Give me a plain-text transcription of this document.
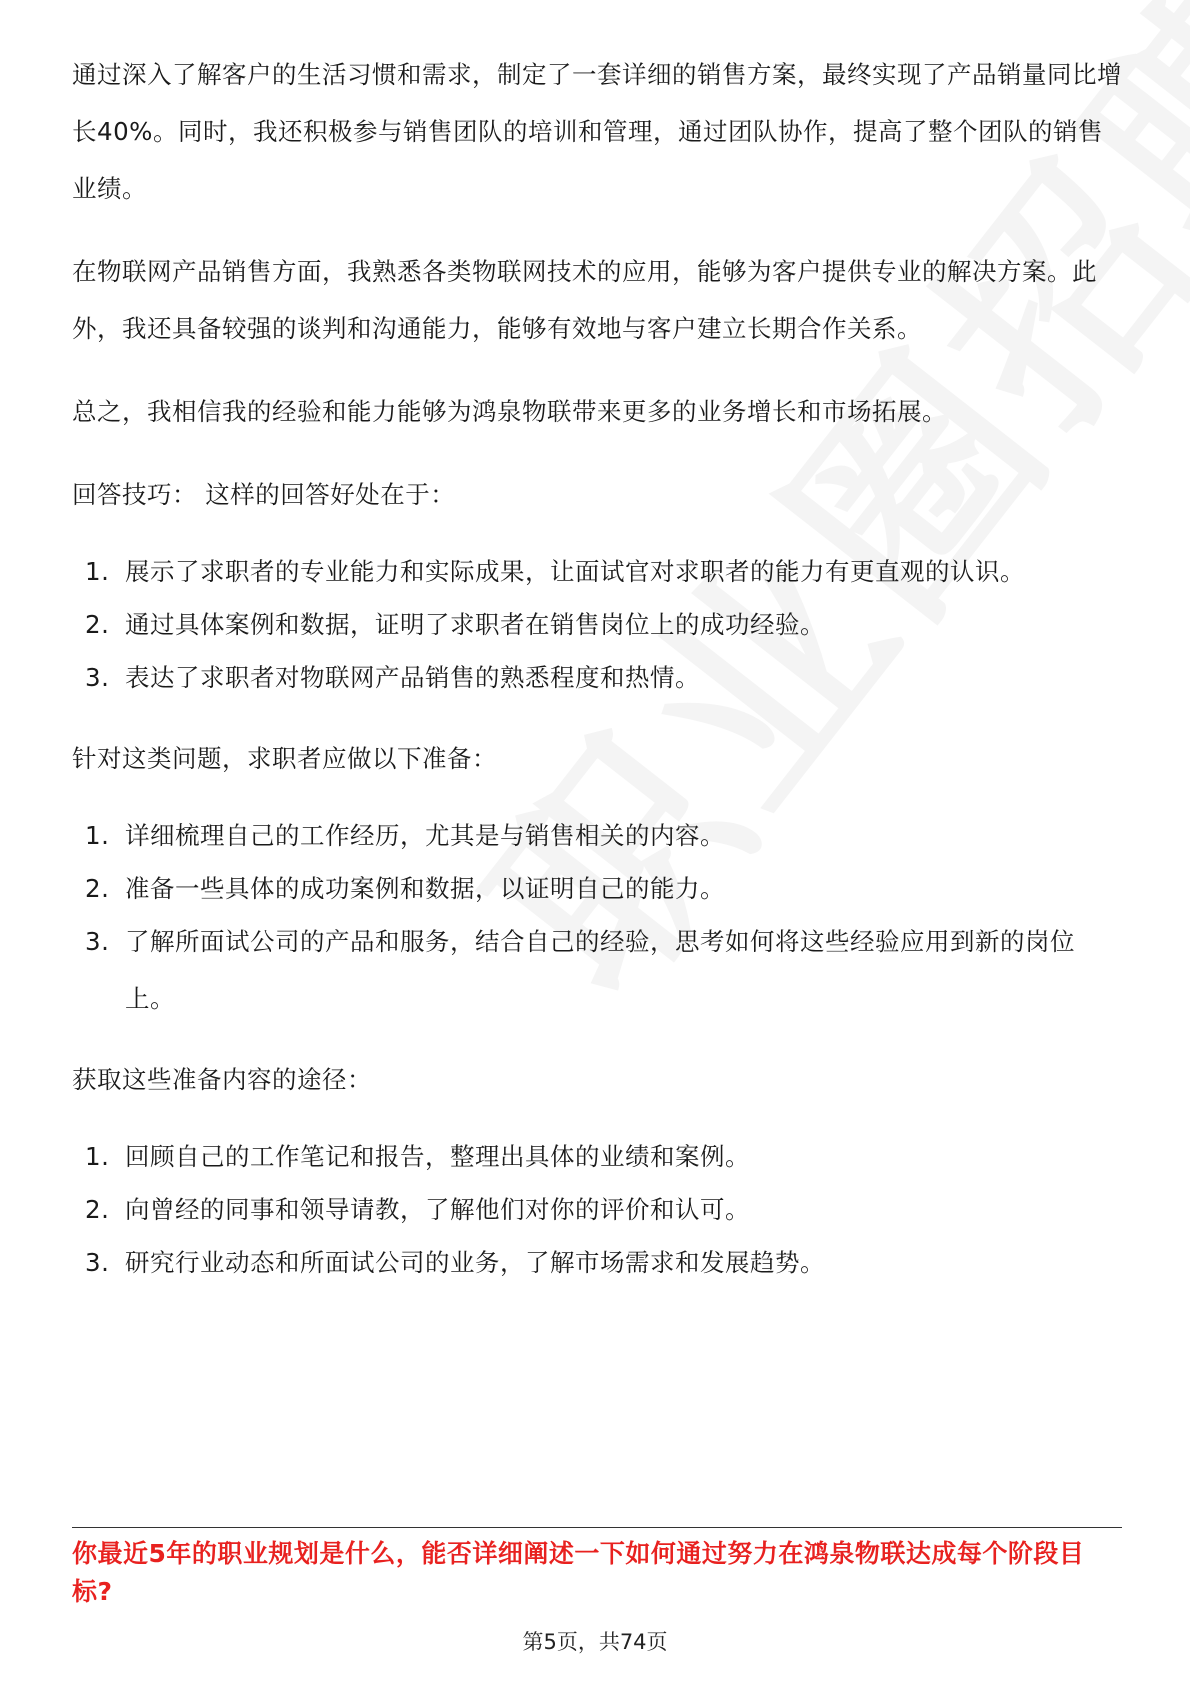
通过深入了解客户的生活习惯和需求，制定了一套详细的销售方案，最终实现了产品销量同比增长40%。同时，我还积极参与销售团队的培训和管理，通过团队协作，提高了整个团队的销售业绩。

在物联网产品销售方面，我熟悉各类物联网技术的应用，能够为客户提供专业的解决方案。此外，我还具备较强的谈判和沟通能力，能够有效地与客户建立长期合作关系。

总之，我相信我的经验和能力能够为鸿泉物联带来更多的业务增长和市场拓展。

回答技巧： 这样的回答好处在于：

1. 展示了求职者的专业能力和实际成果，让面试官对求职者的能力有更直观的认识。
2. 通过具体案例和数据，证明了求职者在销售岗位上的成功经验。
3. 表达了求职者对物联网产品销售的熟悉程度和热情。

针对这类问题，求职者应做以下准备：

1. 详细梳理自己的工作经历，尤其是与销售相关的内容。
2. 准备一些具体的成功案例和数据，以证明自己的能力。
3. 了解所面试公司的产品和服务，结合自己的经验，思考如何将这些经验应用到新的岗位上。

获取这些准备内容的途径：

1. 回顾自己的工作笔记和报告，整理出具体的业绩和案例。
2. 向曾经的同事和领导请教，了解他们对你的评价和认可。
3. 研究行业动态和所面试公司的业务，了解市场需求和发展趋势。
你最近5年的职业规划是什么，能否详细阐述一下如何通过努力在鸿泉物联达成每个阶段目标?
第5页，共74页
